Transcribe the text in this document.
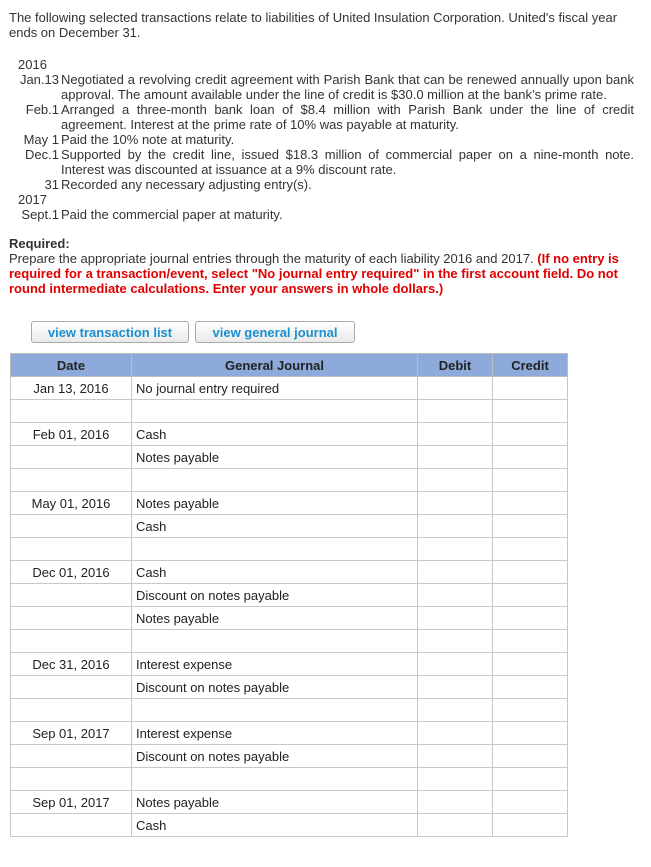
The following selected transactions relate to liabilities of United Insulation Corporation. United's fiscal year ends on December 31.
2016
Jan.13 Negotiated a revolving credit agreement with Parish Bank that can be renewed annually upon bank approval. The amount available under the line of credit is $30.0 million at the bank’s prime rate.
Feb.1 Arranged a three-month bank loan of $8.4 million with Parish Bank under the line of credit agreement. Interest at the prime rate of 10% was payable at maturity.
May 1 Paid the 10% note at maturity.
Dec.1 Supported by the credit line, issued $18.3 million of commercial paper on a nine-month note. Interest was discounted at issuance at a 9% discount rate.
31 Recorded any necessary adjusting entry(s).
2017
Sept.1 Paid the commercial paper at maturity.
Required:
Prepare the appropriate journal entries through the maturity of each liability 2016 and 2017. (If no entry is required for a transaction/event, select "No journal entry required" in the first account field. Do not round intermediate calculations. Enter your answers in whole dollars.)
view transaction list	view general journal
Date	General Journal	Debit	Credit
Jan 13, 2016	No journal entry required		

Feb 01, 2016	Cash		
	Notes payable		

May 01, 2016	Notes payable		
	Cash		

Dec 01, 2016	Cash		
	Discount on notes payable		
	Notes payable		

Dec 31, 2016	Interest expense		
	Discount on notes payable		

Sep 01, 2017	Interest expense		
	Discount on notes payable		

Sep 01, 2017	Notes payable		
	Cash		
